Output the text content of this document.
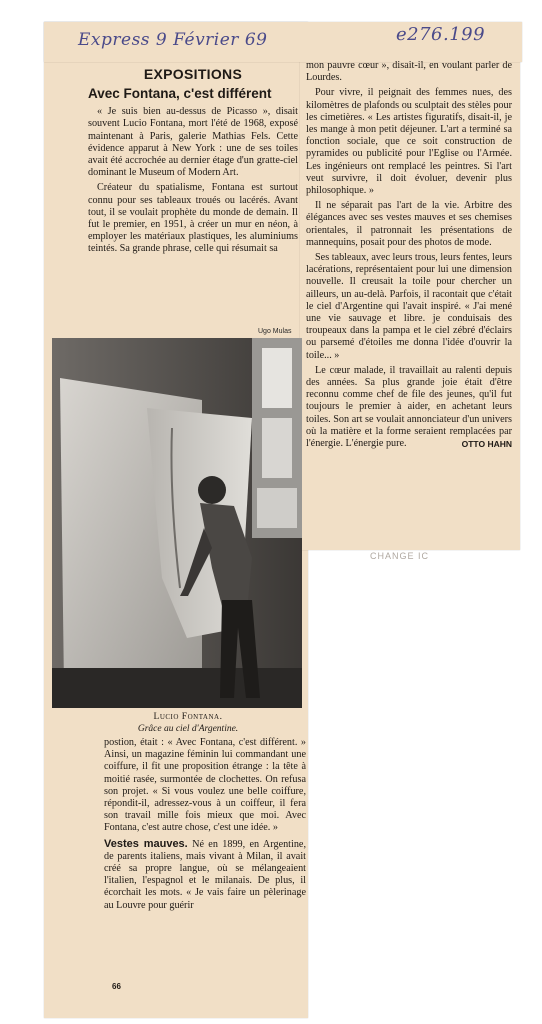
Express 9 Février 69	e276.199
EXPOSITIONS
Avec Fontana, c'est différent

« Je suis bien au-dessus de Picasso », disait souvent Lucio Fontana, mort l'été de 1968, exposé maintenant à Paris, galerie Mathias Fels. Cette évidence apparut à New York : une de ses toiles avait été accrochée au dernier étage d'un gratte-ciel dominant le Museum of Modern Art.

Créateur du spatialisme, Fontana est surtout connu pour ses tableaux troués ou lacérés. Avant tout, il se voulait prophète du monde de demain. Il fut le premier, en 1951, à créer un mur en néon, à employer les matériaux plastiques, les aluminiums teintés. Sa grande phrase, celle qui résumait sa

Ugo Mulas
Lucio Fontana.
Grâce au ciel d'Argentine.

postion, était : « Avec Fontana, c'est différent. » Ainsi, un magazine féminin lui commandant une coiffure, il fit une proposition étrange : la tête à moitié rasée, surmontée de clochettes. On refusa son projet. « Si vous voulez une belle coiffure, répondit-il, adressez-vous à un coiffeur, il fera son travail mille fois mieux que moi. Avec Fontana, c'est autre chose, c'est une idée. »

Vestes mauves. Né en 1899, en Argentine, de parents italiens, mais vivant à Milan, il avait créé sa propre langue, où se mélangeaient l'italien, l'espagnol et le milanais. De plus, il écorchait les mots. « Je vais faire un pèlerinage au Louvre pour guérir

mon pauvre cœur », disait-il, en voulant parler de Lourdes.

Pour vivre, il peignait des femmes nues, des kilomètres de plafonds ou sculptait des stèles pour les cimetières. « Les artistes figuratifs, disait-il, je les mange à mon petit déjeuner. L'art a terminé sa fonction sociale, que ce soit construction de pyramides ou publicité pour l'Eglise ou l'Armée. Les ingénieurs ont remplacé les peintres. Si l'art veut survivre, il doit évoluer, devenir plus philosophique. »

Il ne séparait pas l'art de la vie. Arbitre des élégances avec ses vestes mauves et ses chemises orientales, il patronnait les présentations de mannequins, posait pour des photos de mode.

Ses tableaux, avec leurs trous, leurs fentes, leurs lacérations, représentaient pour lui une dimension nouvelle. Il creusait la toile pour chercher un ailleurs, un au-delà. Parfois, il racontait que c'était le ciel d'Argentine qui l'avait inspiré. « J'ai mené une vie sauvage et libre. je conduisais des troupeaux dans la pampa et le ciel zébré d'éclairs ou parsemé d'étoiles me donna l'idée d'ouvrir la toile... »

Le cœur malade, il travaillait au ralenti depuis des années. Sa plus grande joie était d'être reconnu comme chef de file des jeunes, qu'il fut toujours le premier à aider, en achetant leurs toiles. Son art se voulait annonciateur d'un univers où la matière et la forme seraient remplacées par l'énergie. L'énergie pure.	OTTO HAHN

CHANGE IC
66
